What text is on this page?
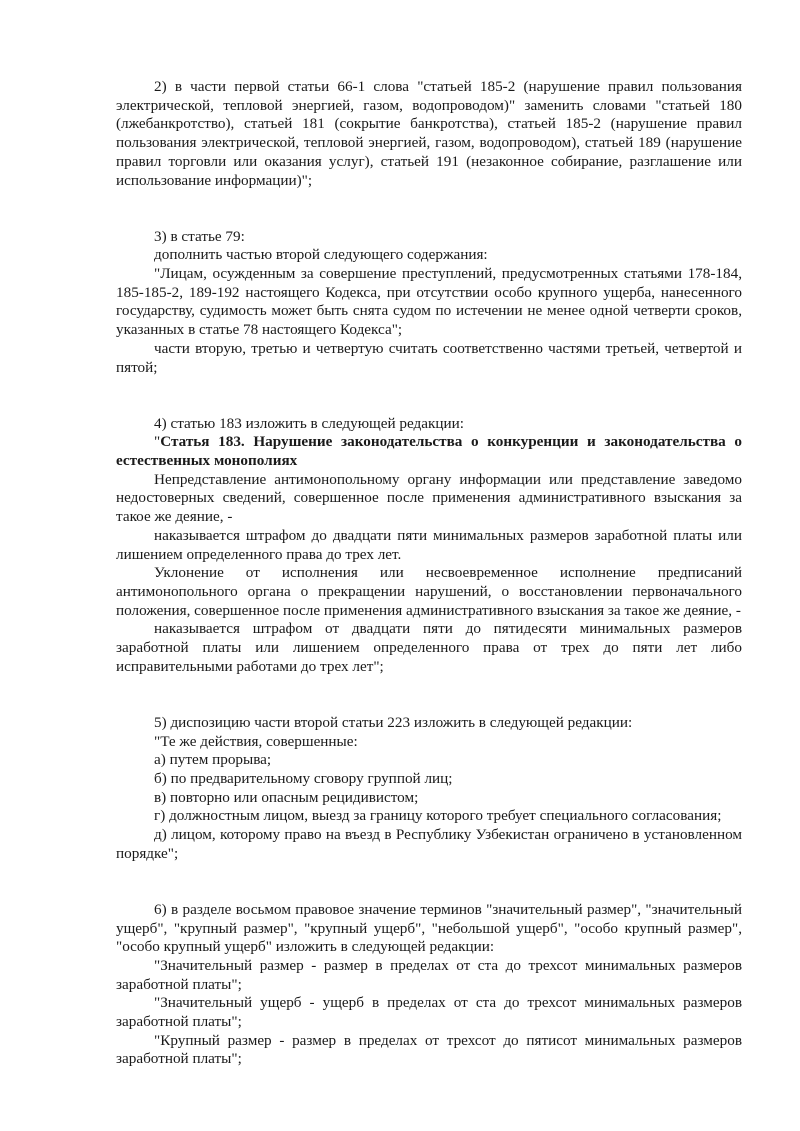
2) в части первой статьи 66-1 слова "статьей 185-2 (нарушение правил пользования электрической, тепловой энергией, газом, водопроводом)" заменить словами "статьей 180 (лжебанкротство), статьей 181 (сокрытие банкротства), статьей 185-2 (нарушение правил пользования электрической, тепловой энергией, газом, водопроводом), статьей 189 (нарушение правил торговли или оказания услуг), статьей 191 (незаконное собирание, разглашение или использование информации)";

3) в статье 79:

дополнить частью второй следующего содержания:

"Лицам, осужденным за совершение преступлений, предусмотренных статьями 178-184, 185-185-2, 189-192 настоящего Кодекса, при отсутствии особо крупного ущерба, нанесенного государству, судимость может быть снята судом по истечении не менее одной четверти сроков, указанных в статье 78 настоящего Кодекса";

части вторую, третью и четвертую считать соответственно частями третьей, четвертой и пятой;

4) статью 183 изложить в следующей редакции:

"Статья 183. Нарушение законодательства о конкуренции и законодательства о естественных монополиях

Непредставление антимонопольному органу информации или представление заведомо недостоверных сведений, совершенное после применения административного взыскания за такое же деяние, -

наказывается штрафом до двадцати пяти минимальных размеров заработной платы или лишением определенного права до трех лет.

Уклонение от исполнения или несвоевременное исполнение предписаний антимонопольного органа о прекращении нарушений, о восстановлении первоначального положения, совершенное после применения административного взыскания за такое же деяние, -

наказывается штрафом от двадцати пяти до пятидесяти минимальных размеров заработной платы или лишением определенного права от трех до пяти лет либо исправительными работами до трех лет";

5) диспозицию части второй статьи 223 изложить в следующей редакции:

"Те же действия, совершенные:

а) путем прорыва;

б) по предварительному сговору группой лиц;

в) повторно или опасным рецидивистом;

г) должностным лицом, выезд за границу которого требует специального согласования;

д) лицом, которому право на въезд в Республику Узбекистан ограничено в установленном порядке";

6) в разделе восьмом правовое значение терминов "значительный размер", "значительный ущерб", "крупный размер", "крупный ущерб", "небольшой ущерб", "особо крупный размер", "особо крупный ущерб" изложить в следующей редакции:

"Значительный размер - размер в пределах от ста до трехсот минимальных размеров заработной платы";

"Значительный ущерб - ущерб в пределах от ста до трехсот минимальных размеров заработной платы";

"Крупный размер - размер в пределах от трехсот до пятисот минимальных размеров заработной платы";
